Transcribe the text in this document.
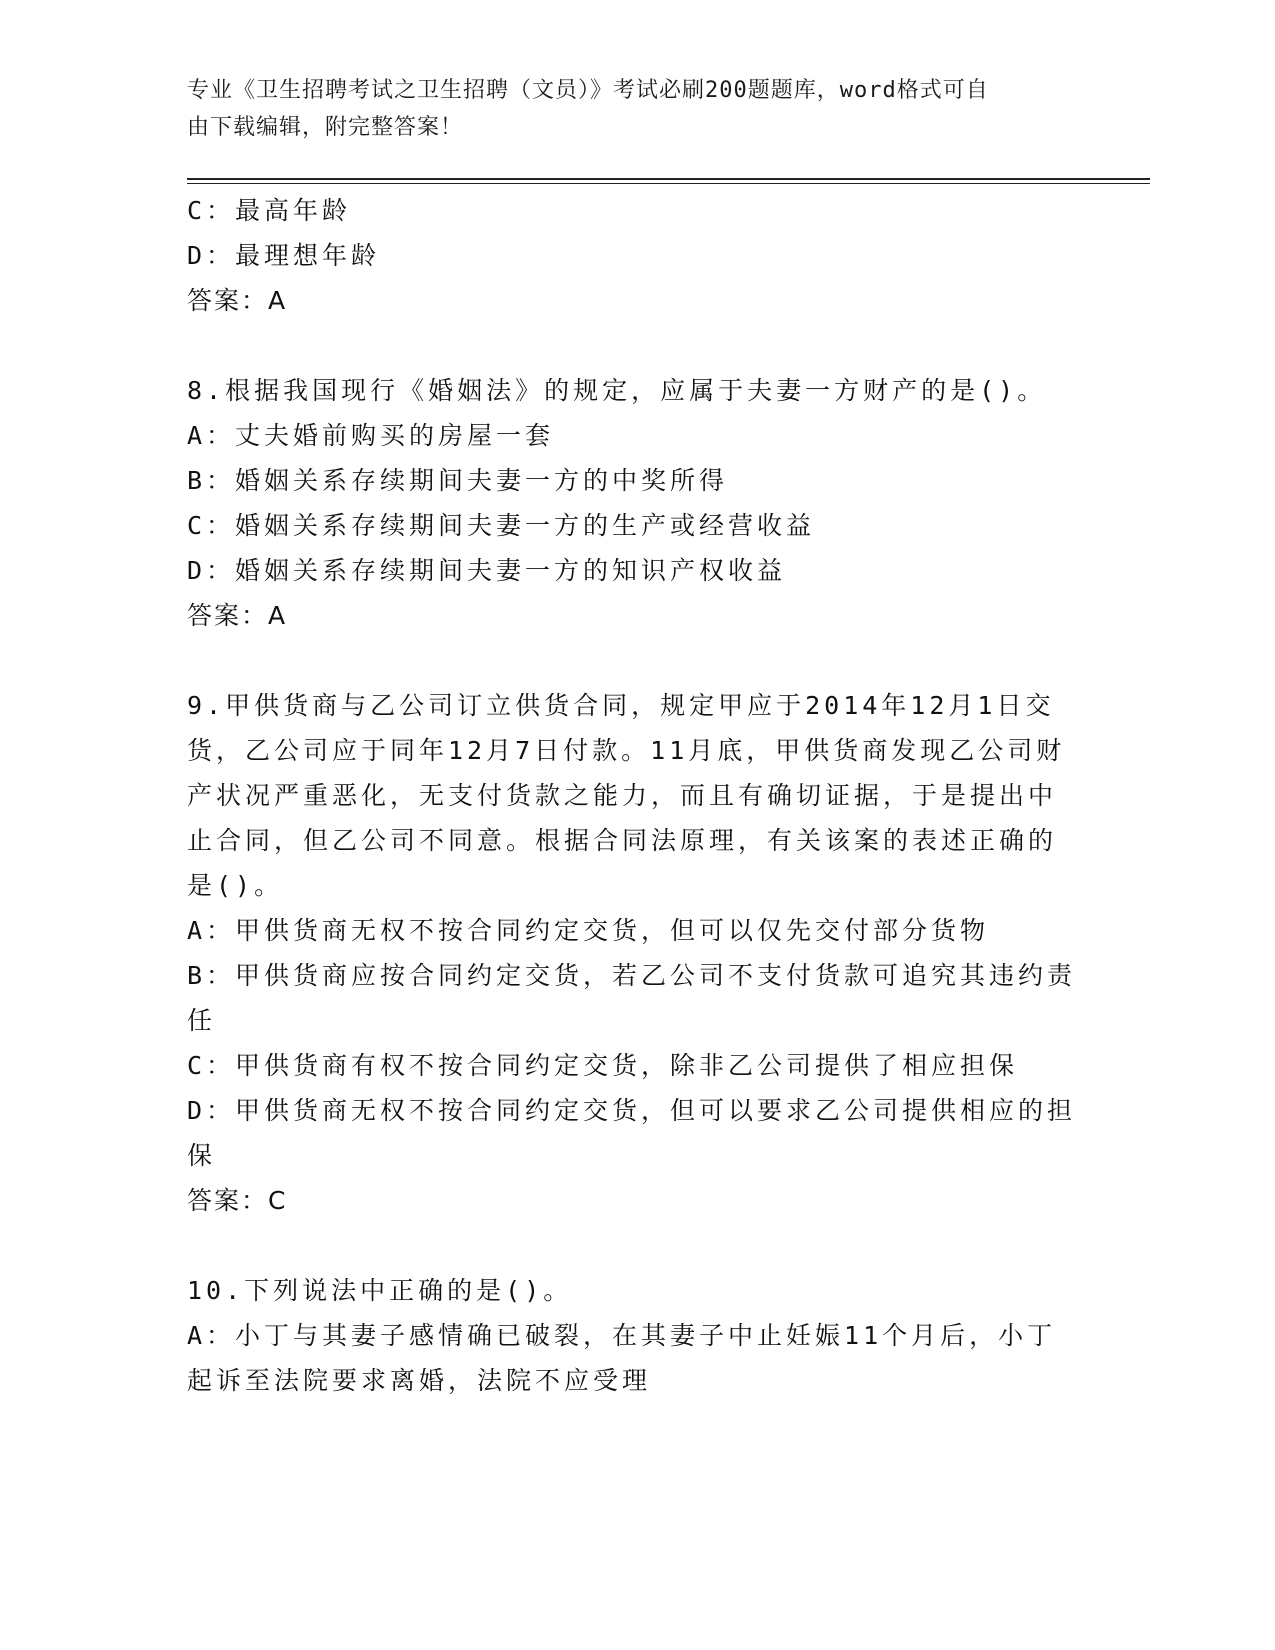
专业《卫生招聘考试之卫生招聘（文员）》考试必刷200题题库，word格式可自
由下载编辑，附完整答案！
C：最高年龄
D：最理想年龄
答案：A
8.根据我国现行《婚姻法》的规定，应属于夫妻一方财产的是()。
A：丈夫婚前购买的房屋一套
B：婚姻关系存续期间夫妻一方的中奖所得
C：婚姻关系存续期间夫妻一方的生产或经营收益
D：婚姻关系存续期间夫妻一方的知识产权收益
答案：A
9.甲供货商与乙公司订立供货合同，规定甲应于2014年12月1日交
货，乙公司应于同年12月7日付款。11月底，甲供货商发现乙公司财
产状况严重恶化，无支付货款之能力，而且有确切证据，于是提出中
止合同，但乙公司不同意。根据合同法原理，有关该案的表述正确的
是()。
A：甲供货商无权不按合同约定交货，但可以仅先交付部分货物
B：甲供货商应按合同约定交货，若乙公司不支付货款可追究其违约责
任
C：甲供货商有权不按合同约定交货，除非乙公司提供了相应担保
D：甲供货商无权不按合同约定交货，但可以要求乙公司提供相应的担
保
答案：C
10.下列说法中正确的是()。
A：小丁与其妻子感情确已破裂，在其妻子中止妊娠11个月后，小丁
起诉至法院要求离婚，法院不应受理
